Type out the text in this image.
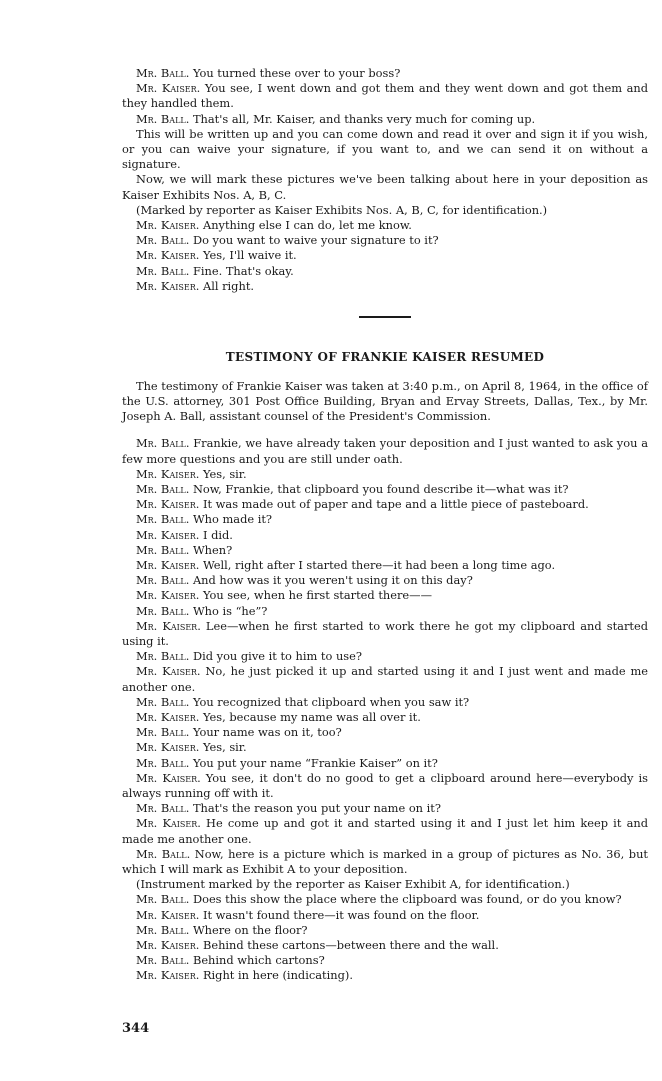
Mr. Ball. You turned these over to your boss?

Mr. Kaiser. You see, I went down and got them and they went down and got them and they handled them.

Mr. Ball. That's all, Mr. Kaiser, and thanks very much for coming up.

This will be written up and you can come down and read it over and sign it if you wish, or you can waive your signature, if you want to, and we can send it on without a signature.

Now, we will mark these pictures we've been talking about here in your deposition as Kaiser Exhibits Nos. A, B, C.

(Marked by reporter as Kaiser Exhibits Nos. A, B, C, for identification.)

Mr. Kaiser. Anything else I can do, let me know.

Mr. Ball. Do you want to waive your signature to it?

Mr. Kaiser. Yes, I'll waive it.

Mr. Ball. Fine. That's okay.

Mr. Kaiser. All right.

TESTIMONY OF FRANKIE KAISER RESUMED

The testimony of Frankie Kaiser was taken at 3:40 p.m., on April 8, 1964, in the office of the U.S. attorney, 301 Post Office Building, Bryan and Ervay Streets, Dallas, Tex., by Mr. Joseph A. Ball, assistant counsel of the President's Commission.

Mr. Ball. Frankie, we have already taken your deposition and I just wanted to ask you a few more questions and you are still under oath.

Mr. Kaiser. Yes, sir.

Mr. Ball. Now, Frankie, that clipboard you found describe it—what was it?

Mr. Kaiser. It was made out of paper and tape and a little piece of pasteboard.

Mr. Ball. Who made it?

Mr. Kaiser. I did.

Mr. Ball. When?

Mr. Kaiser. Well, right after I started there—it had been a long time ago.

Mr. Ball. And how was it you weren't using it on this day?

Mr. Kaiser. You see, when he first started there——

Mr. Ball. Who is “he”?

Mr. Kaiser. Lee—when he first started to work there he got my clipboard and started using it.

Mr. Ball. Did you give it to him to use?

Mr. Kaiser. No, he just picked it up and started using it and I just went and made me another one.

Mr. Ball. You recognized that clipboard when you saw it?

Mr. Kaiser. Yes, because my name was all over it.

Mr. Ball. Your name was on it, too?

Mr. Kaiser. Yes, sir.

Mr. Ball. You put your name “Frankie Kaiser” on it?

Mr. Kaiser. You see, it don't do no good to get a clipboard around here—everybody is always running off with it.

Mr. Ball. That's the reason you put your name on it?

Mr. Kaiser. He come up and got it and started using it and I just let him keep it and made me another one.

Mr. Ball. Now, here is a picture which is marked in a group of pictures as No. 36, but which I will mark as Exhibit A to your deposition.

(Instrument marked by the reporter as Kaiser Exhibit A, for identification.)

Mr. Ball. Does this show the place where the clipboard was found, or do you know?

Mr. Kaiser. It wasn't found there—it was found on the floor.

Mr. Ball. Where on the floor?

Mr. Kaiser. Behind these cartons—between there and the wall.

Mr. Ball. Behind which cartons?

Mr. Kaiser. Right in here (indicating).

344
